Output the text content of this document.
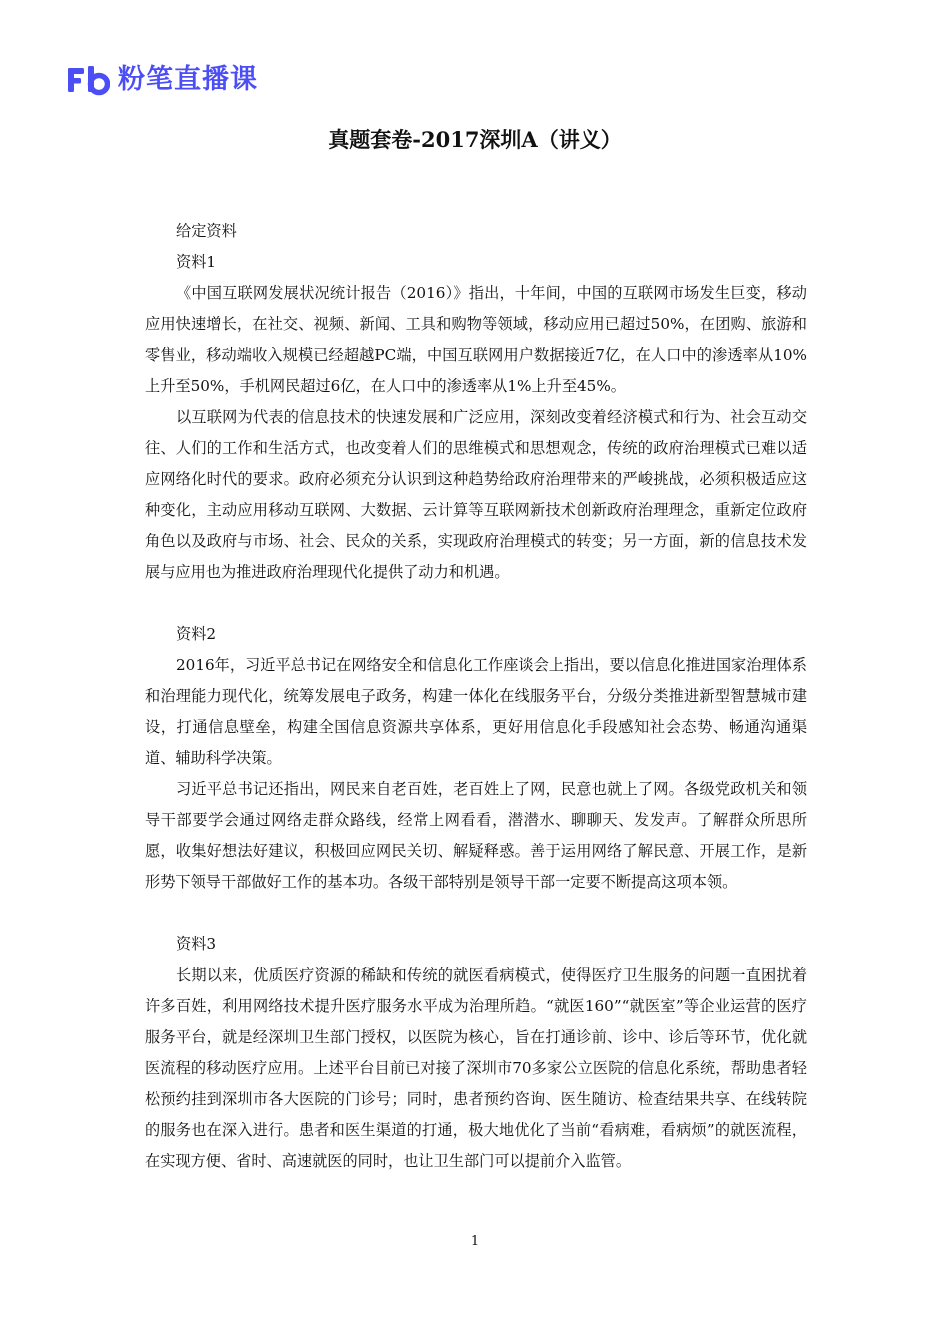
粉笔直播课
真题套卷-2017深圳A（讲义）

给定资料

资料1

《中国互联网发展状况统计报告（2016）》指出，十年间，中国的互联网市场发生巨变，移动应用快速增长，在社交、视频、新闻、工具和购物等领域，移动应用已超过50%，在团购、旅游和零售业，移动端收入规模已经超越PC端，中国互联网用户数据接近7亿，在人口中的渗透率从10%上升至50%，手机网民超过6亿，在人口中的渗透率从1%上升至45%。

以互联网为代表的信息技术的快速发展和广泛应用，深刻改变着经济模式和行为、社会互动交往、人们的工作和生活方式，也改变着人们的思维模式和思想观念，传统的政府治理模式已难以适应网络化时代的要求。政府必须充分认识到这种趋势给政府治理带来的严峻挑战，必须积极适应这种变化，主动应用移动互联网、大数据、云计算等互联网新技术创新政府治理理念，重新定位政府角色以及政府与市场、社会、民众的关系，实现政府治理模式的转变；另一方面，新的信息技术发展与应用也为推进政府治理现代化提供了动力和机遇。

资料2

2016年，习近平总书记在网络安全和信息化工作座谈会上指出，要以信息化推进国家治理体系和治理能力现代化，统筹发展电子政务，构建一体化在线服务平台，分级分类推进新型智慧城市建设，打通信息壁垒，构建全国信息资源共享体系，更好用信息化手段感知社会态势、畅通沟通渠道、辅助科学决策。

习近平总书记还指出，网民来自老百姓，老百姓上了网，民意也就上了网。各级党政机关和领导干部要学会通过网络走群众路线，经常上网看看，潜潜水、聊聊天、发发声。了解群众所思所愿，收集好想法好建议，积极回应网民关切、解疑释惑。善于运用网络了解民意、开展工作，是新形势下领导干部做好工作的基本功。各级干部特别是领导干部一定要不断提高这项本领。

资料3

长期以来，优质医疗资源的稀缺和传统的就医看病模式，使得医疗卫生服务的问题一直困扰着许多百姓，利用网络技术提升医疗服务水平成为治理所趋。“就医160”“就医室”等企业运营的医疗服务平台，就是经深圳卫生部门授权，以医院为核心，旨在打通诊前、诊中、诊后等环节，优化就医流程的移动医疗应用。上述平台目前已对接了深圳市70多家公立医院的信息化系统，帮助患者轻松预约挂到深圳市各大医院的门诊号；同时，患者预约咨询、医生随访、检查结果共享、在线转院的服务也在深入进行。患者和医生渠道的打通，极大地优化了当前“看病难，看病烦”的就医流程，在实现方便、省时、高速就医的同时，也让卫生部门可以提前介入监管。

1
